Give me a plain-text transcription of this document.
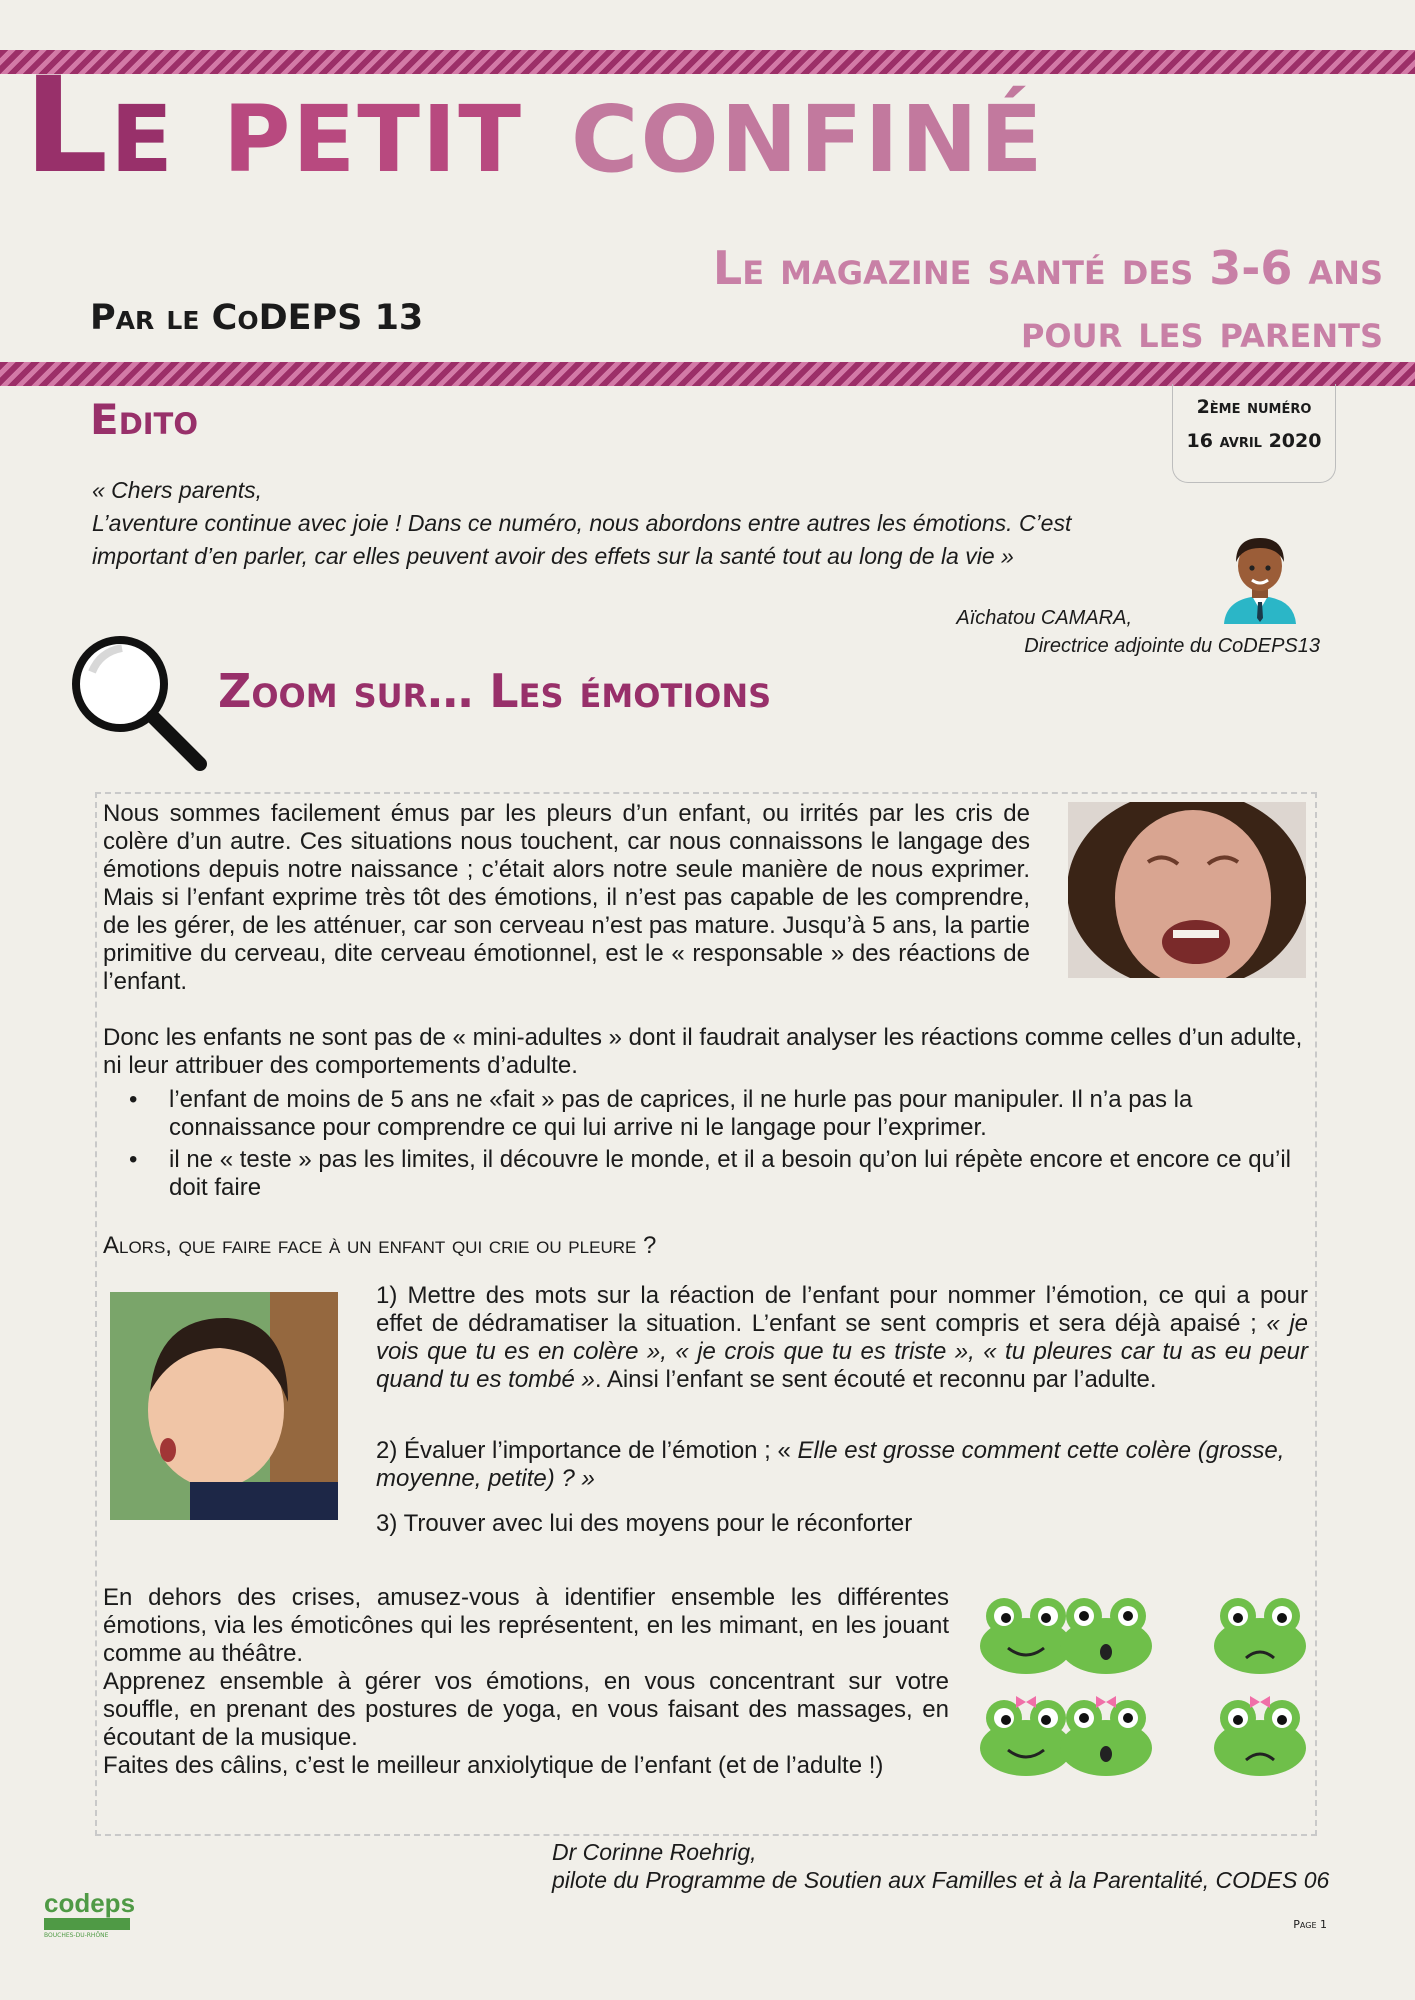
Le petit confiné
Le magazine santé des 3-6 ans
pour les parents
Par le CoDEPS 13
Edito	2ème numéro
16 avril 2020
« Chers parents,
L’aventure continue avec joie ! Dans ce numéro, nous abordons entre autres les émotions. C’est important d’en parler, car elles peuvent avoir des effets sur la santé tout au long de la vie »
Aïchatou CAMARA,
Directrice adjointe du CoDEPS13
Zoom sur… Les émotions
Nous sommes facilement émus par les pleurs d’un enfant, ou irrités par les cris de colère d’un autre. Ces situations nous touchent, car nous connaissons le langage des émotions depuis notre naissance ; c’était alors notre seule manière de nous exprimer. Mais si l’enfant exprime très tôt des émotions, il n’est pas capable de les comprendre, de les gérer, de les atténuer, car son cerveau n’est pas mature. Jusqu’à 5 ans, la partie primitive du cerveau, dite cerveau émotionnel, est le « responsable » des réactions de l’enfant.
Donc les enfants ne sont pas de « mini-adultes » dont il faudrait analyser les réactions comme celles d’un adulte, ni leur attribuer des comportements d’adulte.
• l’enfant de moins de 5 ans ne «fait » pas de caprices, il ne hurle pas pour manipuler. Il n’a pas la connaissance pour comprendre ce qui lui arrive ni le langage pour l’exprimer.
• il ne « teste » pas les limites, il découvre le monde, et il a besoin qu’on lui répète encore et encore ce qu’il doit faire
Alors, que faire face à un enfant qui crie ou pleure ?
1) Mettre des mots sur la réaction de l’enfant pour nommer l’émotion, ce qui a pour effet de dédramatiser la situation. L’enfant se sent compris et sera déjà apaisé ; « je vois que tu es en colère », « je crois que tu es triste », « tu pleures car tu as eu peur quand tu es tombé ». Ainsi l’enfant se sent écouté et reconnu par l’adulte.
2) Évaluer l’importance de l’émotion ; « Elle est grosse comment cette colère (grosse, moyenne, petite) ? »
3) Trouver avec lui des moyens pour le réconforter
En dehors des crises, amusez-vous à identifier ensemble les différentes émotions, via les émoticônes qui les représentent, en les mimant, en les jouant comme au théâtre.
Apprenez ensemble à gérer vos émotions, en vous concentrant sur votre souffle, en prenant des postures de yoga, en vous faisant des massages, en écoutant de la musique.
Faites des câlins, c’est le meilleur anxiolytique de l’enfant (et de l’adulte !)
Dr Corinne Roehrig,
pilote du Programme de Soutien aux Familles et à la Parentalité, CODES 06
codeps
BOUCHES-DU-RHÔNE
Page 1
